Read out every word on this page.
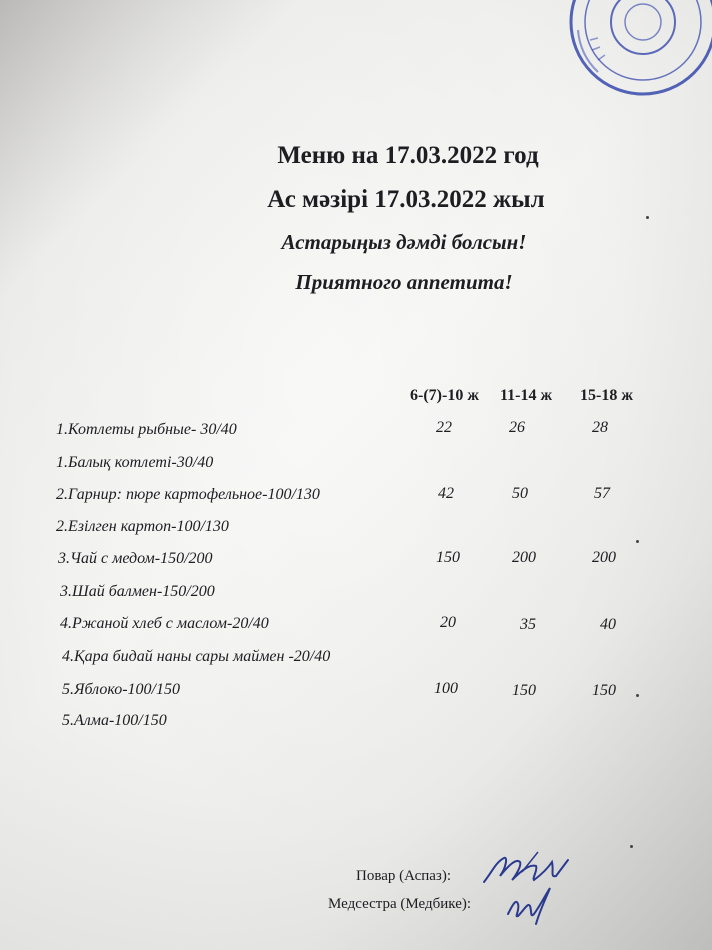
Меню на 17.03.2022 год
Ас мәзірі 17.03.2022 жыл
Астарыңыз дәмді болсын!
Приятного аппетита!
6-(7)-10 ж 11-14 ж 15-18 ж
1.Котлеты рыбные- 30/40	22	26	28
1.Балық котлеті-30/40
2.Гарнир: пюре картофельное-100/130	42	50	57
2.Езілген картоп-100/130
3.Чай с медом-150/200	150	200	200
3.Шай балмен-150/200
4.Ржаной хлеб с маслом-20/40	20	35	40
4.Қара бидай наны сары маймен -20/40
5.Яблоко-100/150	100	150	150
5.Алма-100/150
Повар (Аспаз):
Медсестра (Медбике):
